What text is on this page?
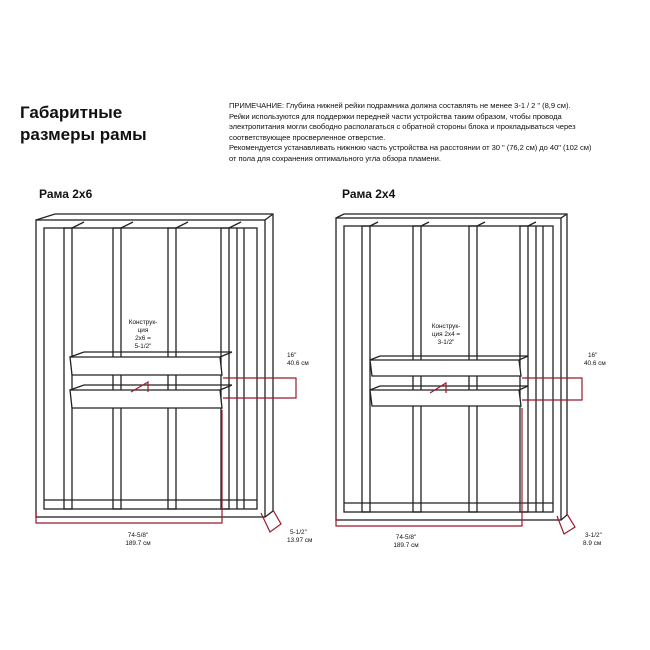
Габаритные
размеры рамы
ПРИМЕЧАНИЕ: Глубина нижней рейки подрамника должна составлять не менее 3-1 / 2 " (8,9 см).
Рейки используются для поддержки передней части устройства таким образом, чтобы провода
электропитания могли свободно располагаться с обратной стороны блока и прокладываться через
соответствующее просверленное отверстие.
Рекомендуется устанавливать нижнюю часть устройства на расстоянии от 30 " (76,2 см) до 40" (102 см)
от пола для сохранения оптимального угла обзора пламени.
Рама 2x6	Рама 2x4
Конструк-
ция
2x6 =
5-1/2"
16"
40.6 см
74-5/8"
189.7 см
5-1/2"
13.97 см
Конструк-
ция 2x4 =
3-1/2"
16"
40.6 см
74-5/8"
189.7 см
3-1/2"
8.9 см
